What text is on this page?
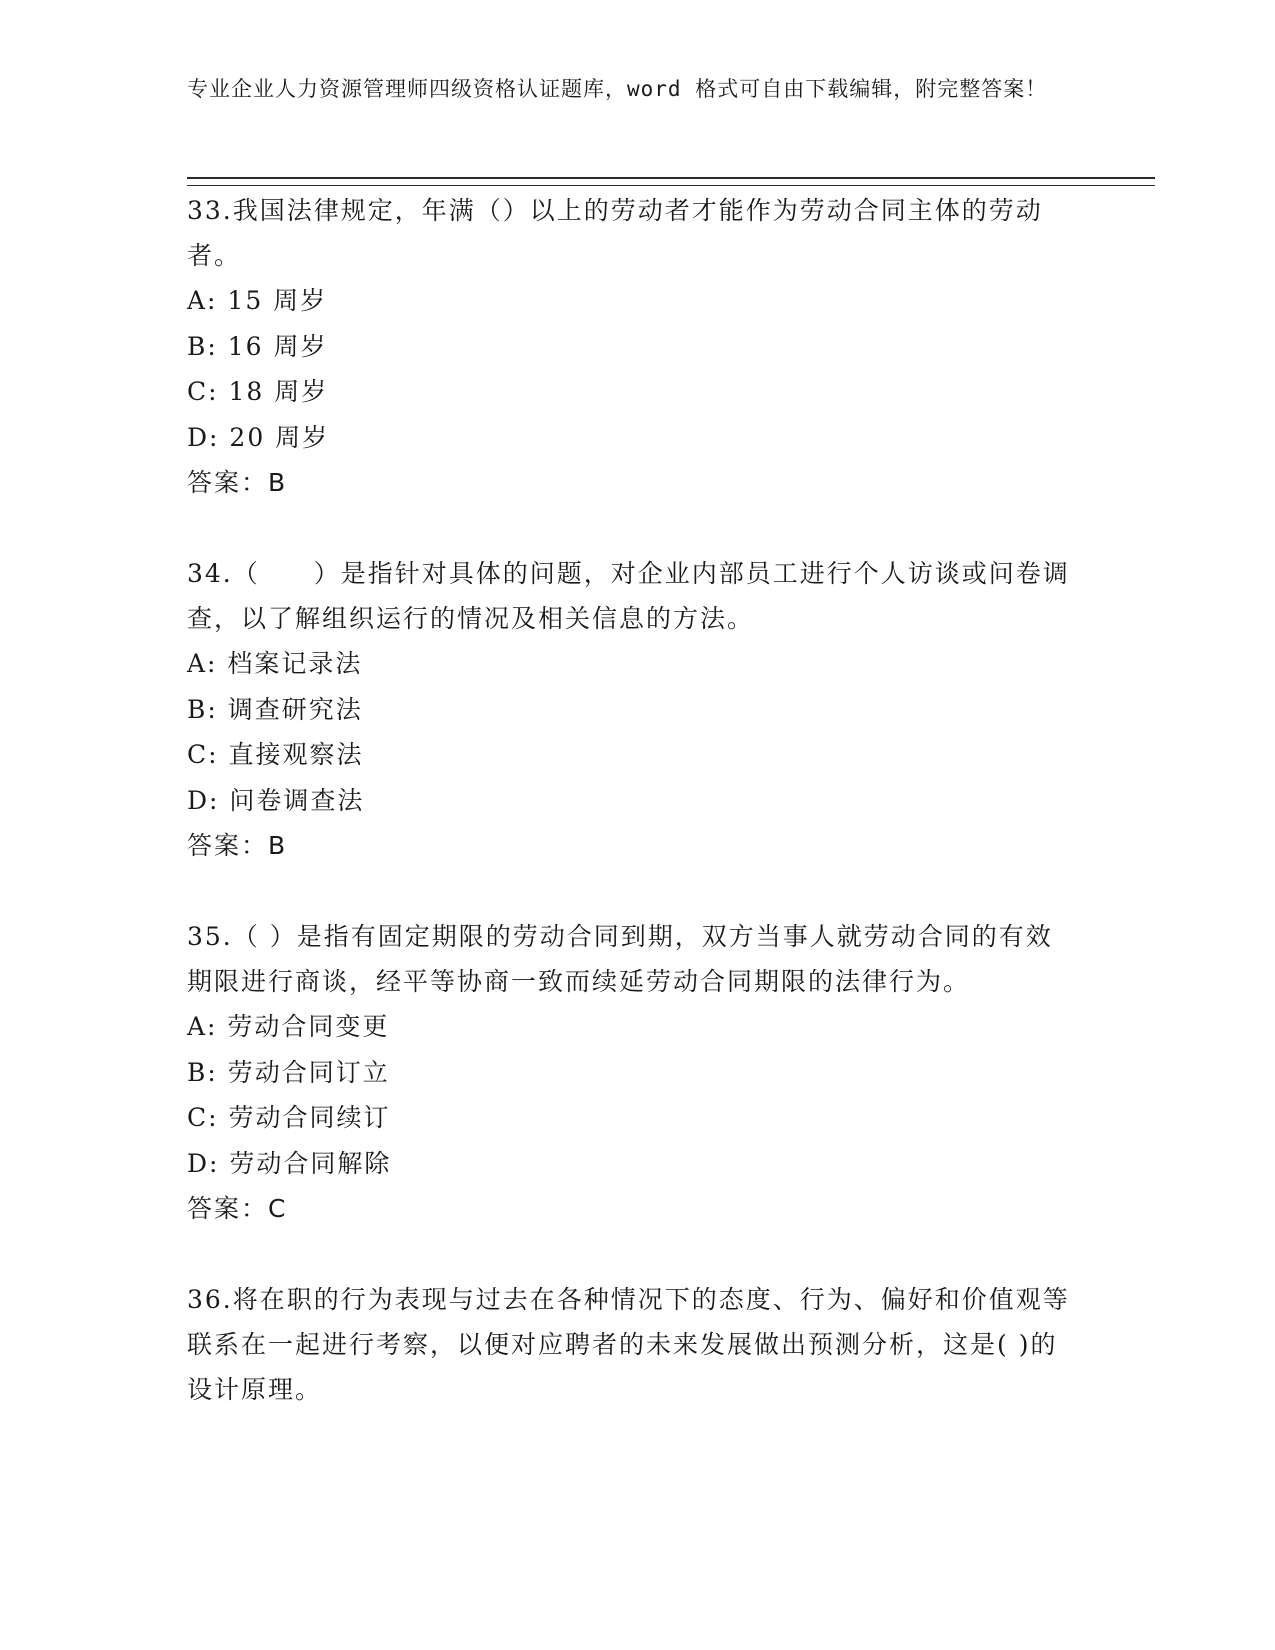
专业企业人力资源管理师四级资格认证题库，word 格式可自由下载编辑，附完整答案！
33.我国法律规定，年满（）以上的劳动者才能作为劳动合同主体的劳动者。
A: 15 周岁
B: 16 周岁
C: 18 周岁
D: 20 周岁
答案：B
34.（　　）是指针对具体的问题，对企业内部员工进行个人访谈或问卷调查，以了解组织运行的情况及相关信息的方法。
A: 档案记录法
B: 调查研究法
C: 直接观察法
D: 问卷调查法
答案：B
35.（ ）是指有固定期限的劳动合同到期，双方当事人就劳动合同的有效期限进行商谈，经平等协商一致而续延劳动合同期限的法律行为。
A: 劳动合同变更
B: 劳动合同订立
C: 劳动合同续订
D: 劳动合同解除
答案：C
36.将在职的行为表现与过去在各种情况下的态度、行为、偏好和价值观等联系在一起进行考察，以便对应聘者的未来发展做出预测分析，这是( )的设计原理。
